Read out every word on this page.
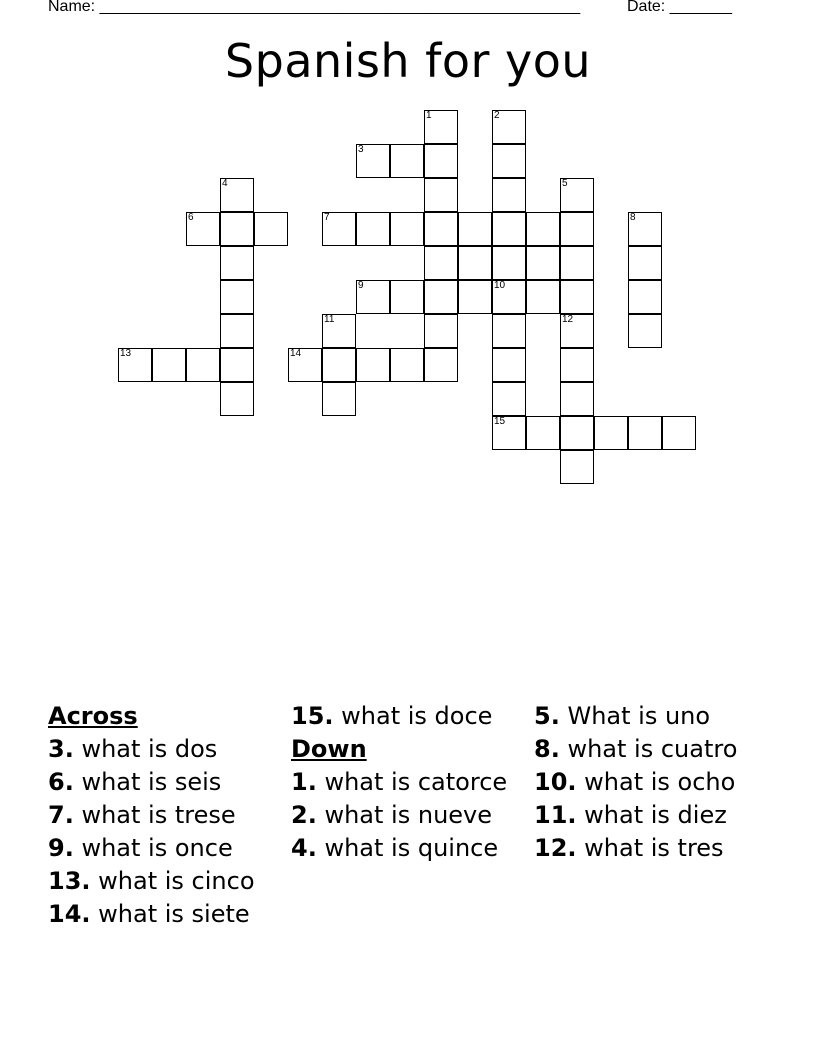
Name: ______________________________________________________	Date: _______
Spanish for you
1	2
10
4	5
8
15
11	12
3
6	7
9
13	14
Across
3. what is dos
6. what is seis
7. what is trese
9. what is once
13. what is cinco
14. what is siete
15. what is doce
Down
1. what is catorce
2. what is nueve
4. what is quince
5. What is uno
8. what is cuatro
10. what is ocho
11. what is diez
12. what is tres
